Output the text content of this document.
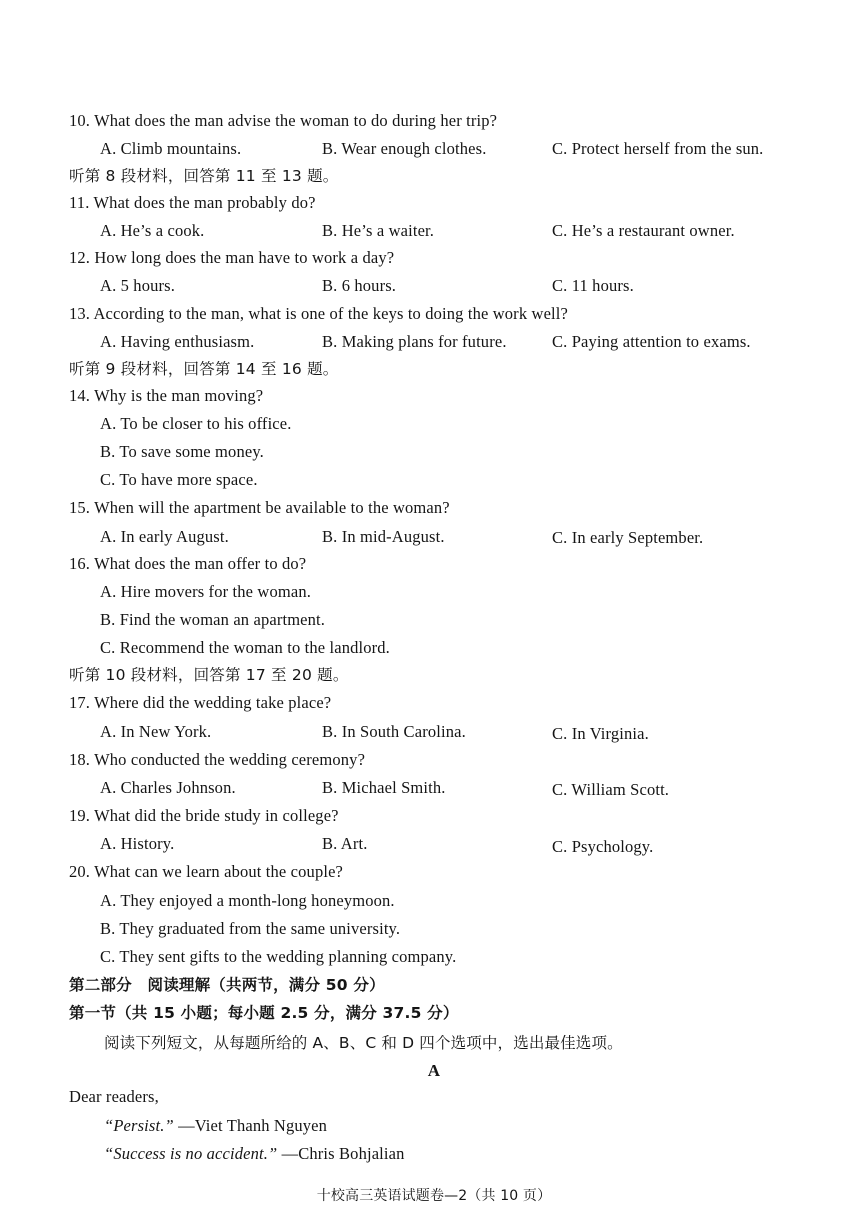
10. What does the man advise the woman to do during her trip?
A. Climb mountains.	B. Wear enough clothes.	C. Protect herself from the sun.
听第 8 段材料，回答第 11 至 13 题。
11. What does the man probably do?
A. He’s a cook.	B. He’s a waiter.	C. He’s a restaurant owner.
12. How long does the man have to work a day?
A. 5 hours.	B. 6 hours.	C. 11 hours.
13. According to the man, what is one of the keys to doing the work well?
A. Having enthusiasm.	B. Making plans for future.	C. Paying attention to exams.
听第 9 段材料，回答第 14 至 16 题。
14. Why is the man moving?
A. To be closer to his office.
B. To save some money.
C. To have more space.
15. When will the apartment be available to the woman?
A. In early August.	B. In mid-August.	C. In early September.
16. What does the man offer to do?
A. Hire movers for the woman.
B. Find the woman an apartment.
C. Recommend the woman to the landlord.
听第 10 段材料，回答第 17 至 20 题。
17. Where did the wedding take place?
A. In New York.	B. In South Carolina.	C. In Virginia.
18. Who conducted the wedding ceremony?
A. Charles Johnson.	B. Michael Smith.	C. William Scott.
19. What did the bride study in college?
A. History.	B. Art.	C. Psychology.
20. What can we learn about the couple?
A. They enjoyed a month-long honeymoon.
B. They graduated from the same university.
C. They sent gifts to the wedding planning company.
第二部分　阅读理解（共两节，满分 50 分）
第一节（共 15 小题；每小题 2.5 分，满分 37.5 分）
阅读下列短文，从每题所给的 A、B、C 和 D 四个选项中，选出最佳选项。
A
Dear readers,
“Persist.” —Viet Thanh Nguyen
“Success is no accident.” —Chris Bohjalian
十校高三英语试题卷—2（共 10 页）
